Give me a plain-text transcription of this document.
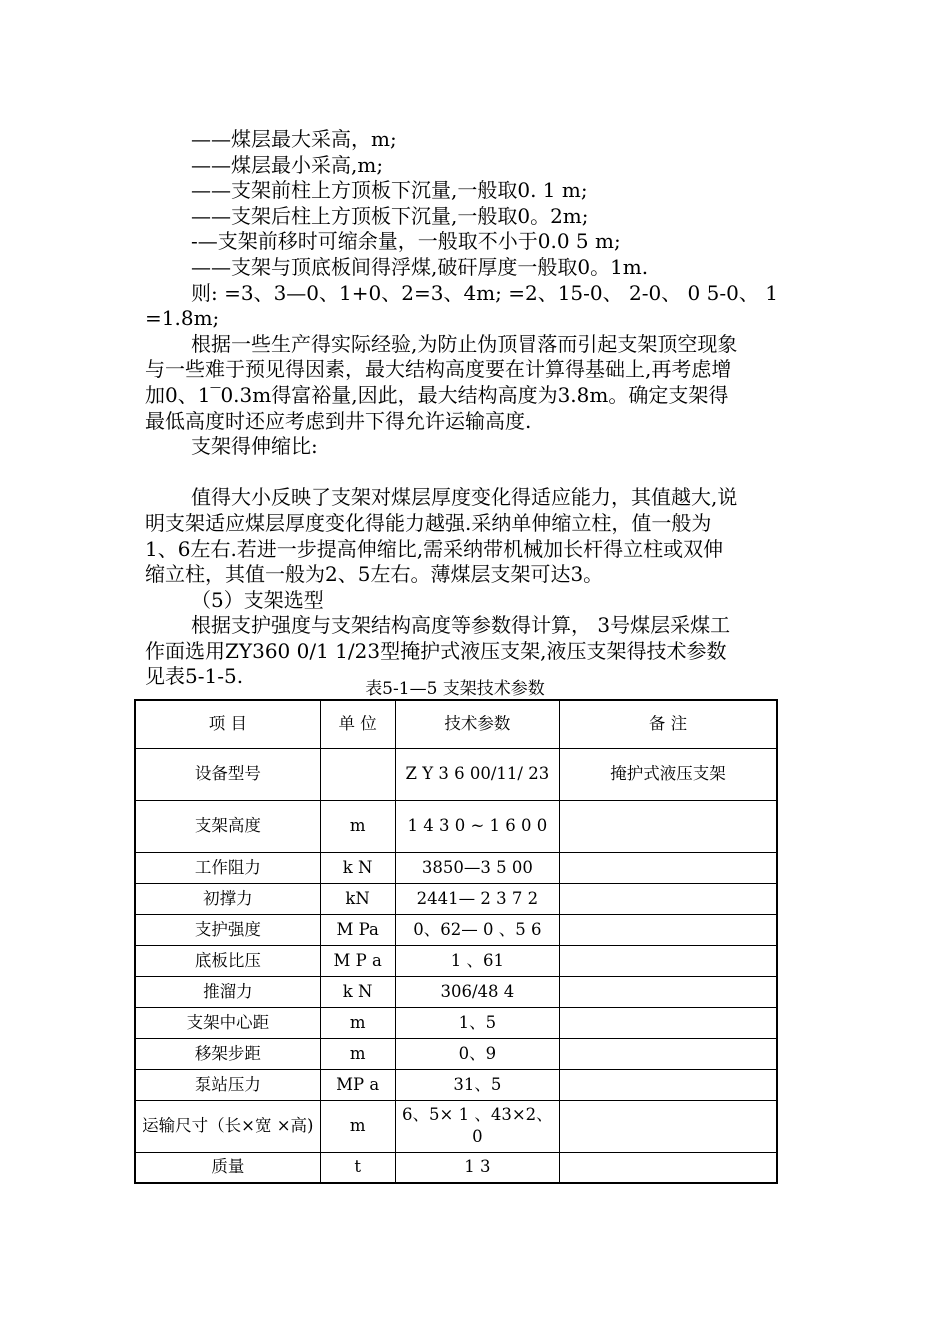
——煤层最大采高，m;
——煤层最小采高,m;
——支架前柱上方顶板下沉量,一般取0. 1 m;
——支架后柱上方顶板下沉量,一般取0。2m;
-—支架前移时可缩余量，一般取不小于0.0 5 m;
——支架与顶底板间得浮煤,破矸厚度一般取0。1m.
则: =3、3—0、1+0、2=3、4m; =2、15-0、 2-0、 0 5-0、 1
=1.8m;
根据一些生产得实际经验,为防止伪顶冒落而引起支架顶空现象
与一些难于预见得因素，最大结构高度要在计算得基础上,再考虑增
加0、1‾0.3m得富裕量,因此，最大结构高度为3.8m。确定支架得
最低高度时还应考虑到井下得允许运输高度.
支架得伸缩比:
值得大小反映了支架对煤层厚度变化得适应能力，其值越大,说
明支架适应煤层厚度变化得能力越强.采纳单伸缩立柱，值一般为
1、6左右.若进一步提高伸缩比,需采纳带机械加长杆得立柱或双伸
缩立柱，其值一般为2、5左右。薄煤层支架可达3。
（5）支架选型
根据支护强度与支架结构高度等参数得计算， 3号煤层采煤工
作面选用ZY360 0/1 1/23型掩护式液压支架,液压支架得技术参数
见表5-1-5.
表5-1—5 支架技术参数
项 目	单 位	技术参数	备 注
设备型号		Z Y 3 6 00/11/ 23	掩护式液压支架
支架高度	m	1 4 3 0 ~ 1 6 0 0	
工作阻力	k N	3850—3 5 00	
初撑力	kN	2441— 2 3 7 2	
支护强度	M Pa	0、62— 0 、5 6	
底板比压	M P a	1 、61	
推溜力	k N	306/48 4	
支架中心距	m	1、5	
移架步距	m	0、9	
泵站压力	MP a	31、5	
运输尺寸（长×宽 ×高)	m	6、5× 1 、43×2、0	
质量	t	1 3	
